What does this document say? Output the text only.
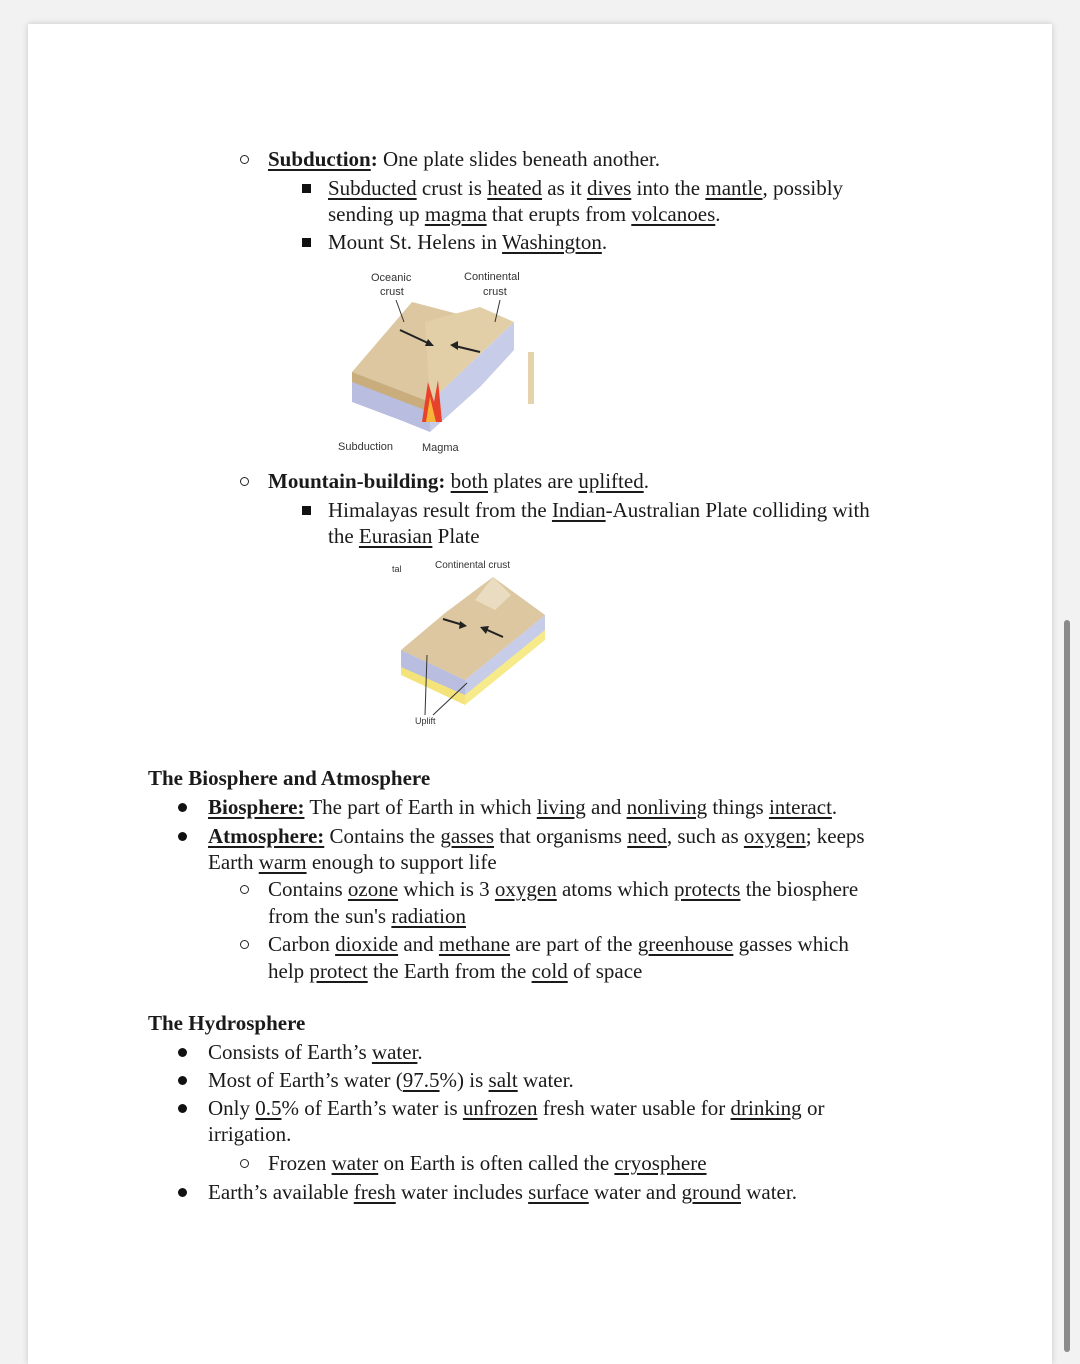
Subduction: One plate slides beneath another.
Subducted crust is heated as it dives into the mantle, possibly
sending up magma that erupts from volcanoes.
Mount St. Helens in Washington.
Oceanic
crust
Continental
crust
Subduction	Magma
Mountain-building: both plates are uplifted.
Himalayas result from the Indian-Australian Plate colliding with
the Eurasian Plate
tal	Continental crust
Uplift
The Biosphere and Atmosphere
Biosphere: The part of Earth in which living and nonliving things interact.
Atmosphere: Contains the gasses that organisms need, such as oxygen; keeps
Earth warm enough to support life
Contains ozone which is 3 oxygen atoms which protects the biosphere
from the sun's radiation
Carbon dioxide and methane are part of the greenhouse gasses which
help protect the Earth from the cold of space
The Hydrosphere
Consists of Earth’s water.
Most of Earth’s water (97.5%) is salt water.
Only 0.5% of Earth’s water is unfrozen fresh water usable for drinking or
irrigation.
Frozen water on Earth is often called the cryosphere
Earth’s available fresh water includes surface water and ground water.
